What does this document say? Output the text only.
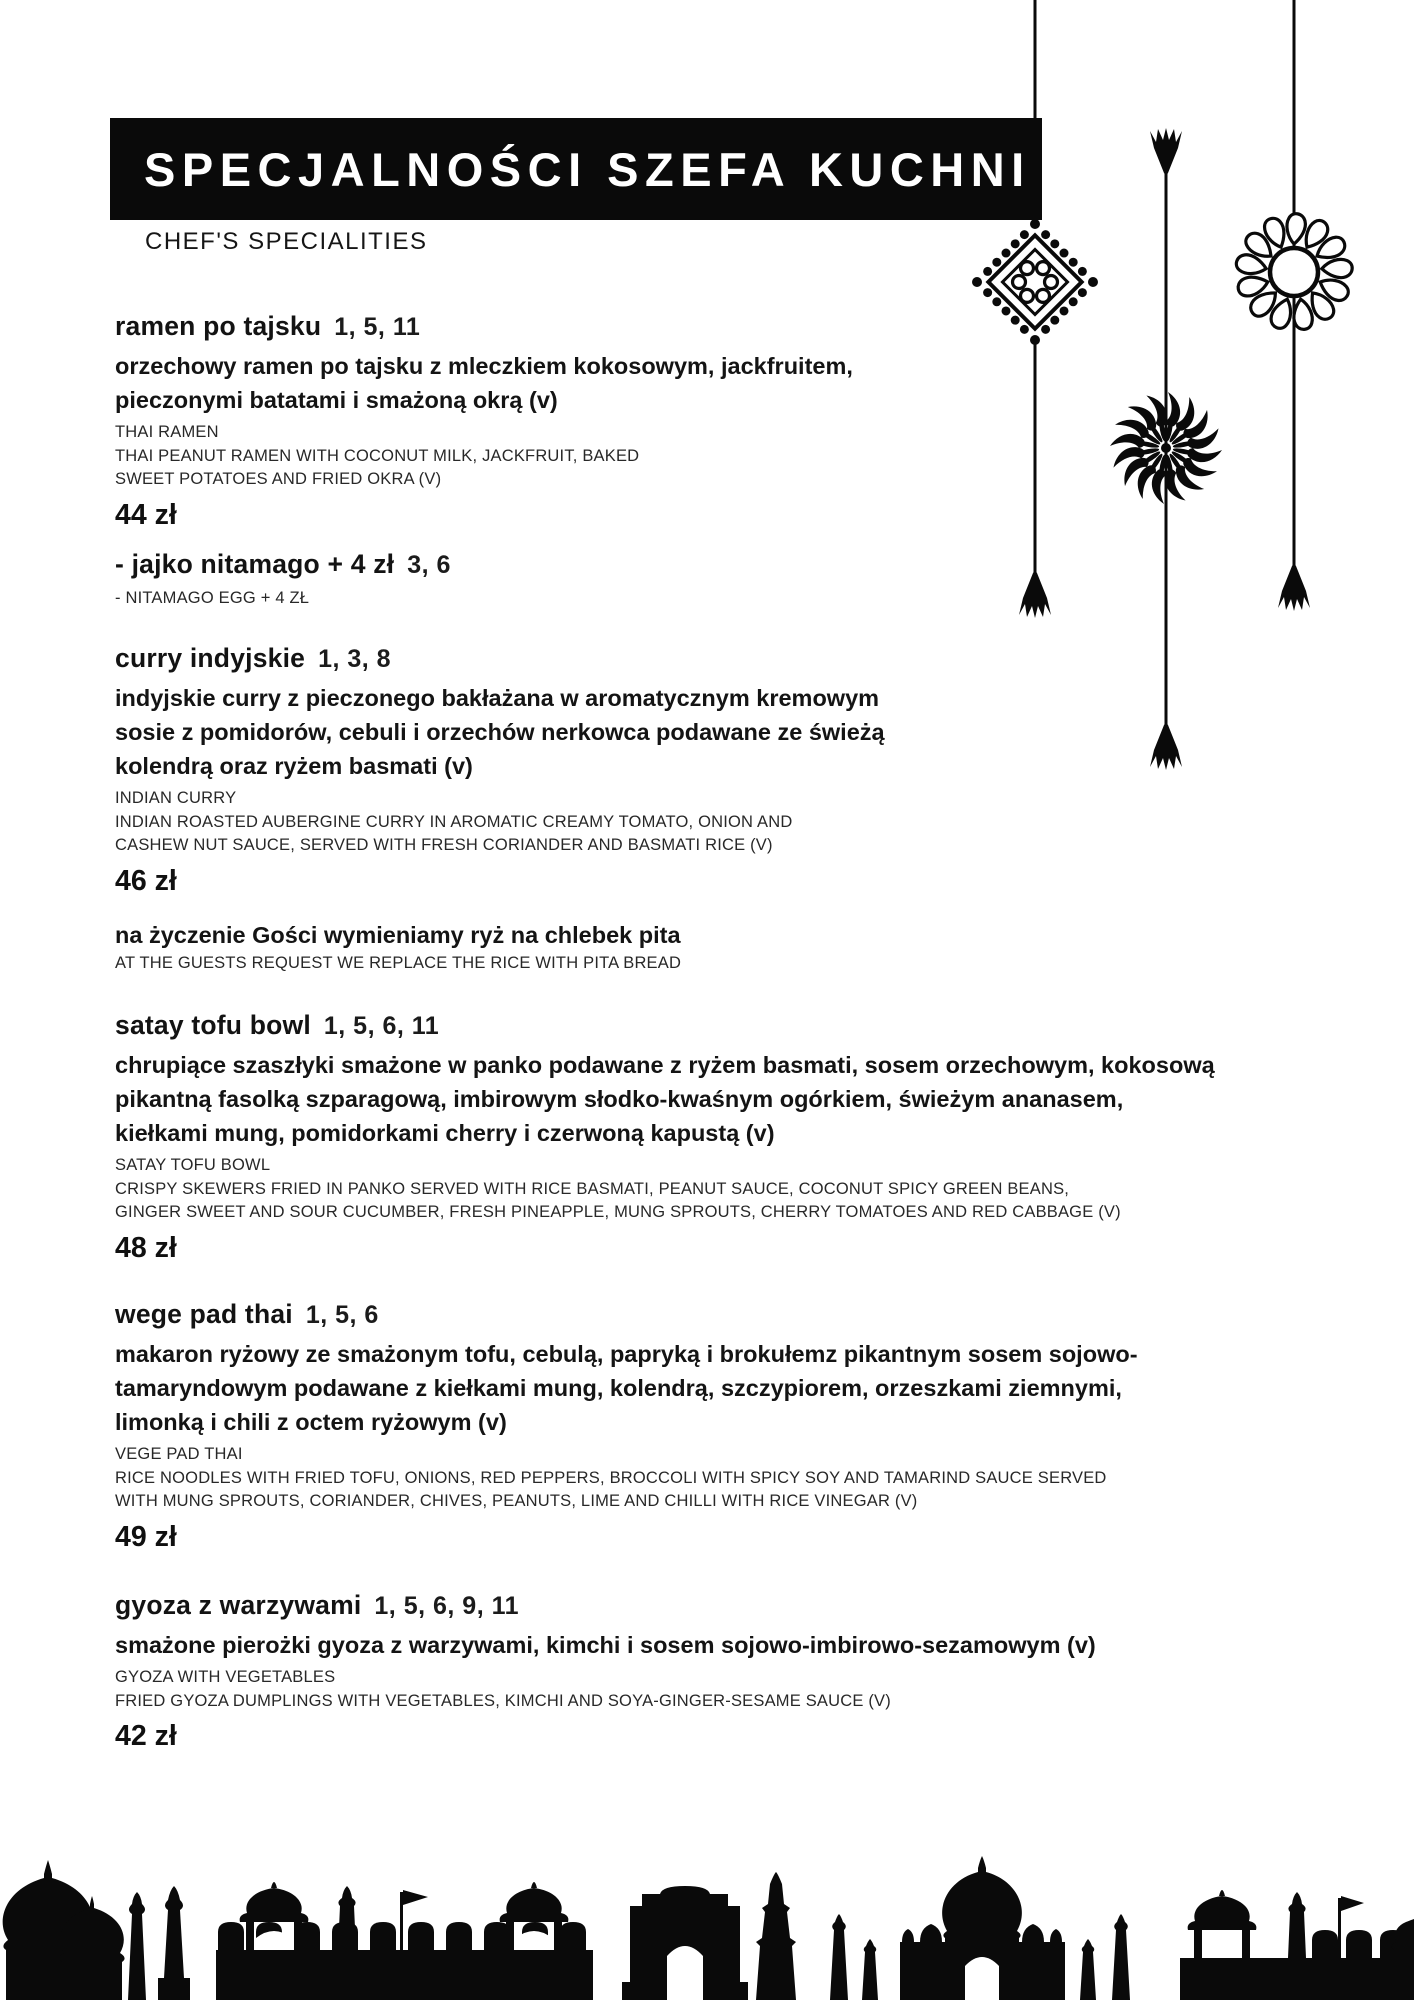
SPECJALNOŚCI SZEFA KUCHNI
CHEF'S SPECIALITIES
ramen po tajsku 1, 5, 11
orzechowy ramen po tajsku z mleczkiem kokosowym, jackfruitem,
pieczonymi batatami i smażoną okrą (v)
THAI RAMEN
THAI PEANUT RAMEN WITH COCONUT MILK, JACKFRUIT, BAKED
SWEET POTATOES AND FRIED OKRA (V)
44 zł
- jajko nitamago + 4 zł 3, 6
- NITAMAGO EGG + 4 ZŁ
curry indyjskie 1, 3, 8
indyjskie curry z pieczonego bakłażana w aromatycznym kremowym
sosie z pomidorów, cebuli i orzechów nerkowca podawane ze świeżą
kolendrą oraz ryżem basmati (v)
INDIAN CURRY
INDIAN ROASTED AUBERGINE CURRY IN AROMATIC CREAMY TOMATO, ONION AND
CASHEW NUT SAUCE, SERVED WITH FRESH CORIANDER AND BASMATI RICE (V)
46 zł
na życzenie Gości wymieniamy ryż na chlebek pita
AT THE GUESTS REQUEST WE REPLACE THE RICE WITH PITA BREAD
satay tofu bowl 1, 5, 6, 11
chrupiące szaszłyki smażone w panko podawane z ryżem basmati, sosem orzechowym, kokosową
pikantną fasolką szparagową, imbirowym słodko-kwaśnym ogórkiem, świeżym ananasem,
kiełkami mung, pomidorkami cherry i czerwoną kapustą (v)
SATAY TOFU BOWL
CRISPY SKEWERS FRIED IN PANKO SERVED WITH RICE BASMATI, PEANUT SAUCE, COCONUT SPICY GREEN BEANS,
GINGER SWEET AND SOUR CUCUMBER, FRESH PINEAPPLE, MUNG SPROUTS, CHERRY TOMATOES AND RED CABBAGE (V)
48 zł
wege pad thai 1, 5, 6
makaron ryżowy ze smażonym tofu, cebulą, papryką i brokułemz pikantnym sosem sojowo-
tamaryndowym podawane z kiełkami mung, kolendrą, szczypiorem, orzeszkami ziemnymi,
limonką i chili z octem ryżowym (v)
VEGE PAD THAI
RICE NOODLES WITH FRIED TOFU, ONIONS, RED PEPPERS, BROCCOLI WITH SPICY SOY AND TAMARIND SAUCE SERVED
WITH MUNG SPROUTS, CORIANDER, CHIVES, PEANUTS, LIME AND CHILLI WITH RICE VINEGAR (V)
49 zł
gyoza z warzywami 1, 5, 6, 9, 11
smażone pierożki gyoza z warzywami, kimchi i sosem sojowo-imbirowo-sezamowym (v)
GYOZA WITH VEGETABLES
FRIED GYOZA DUMPLINGS WITH VEGETABLES, KIMCHI AND SOYA-GINGER-SESAME SAUCE (V)
42 zł
